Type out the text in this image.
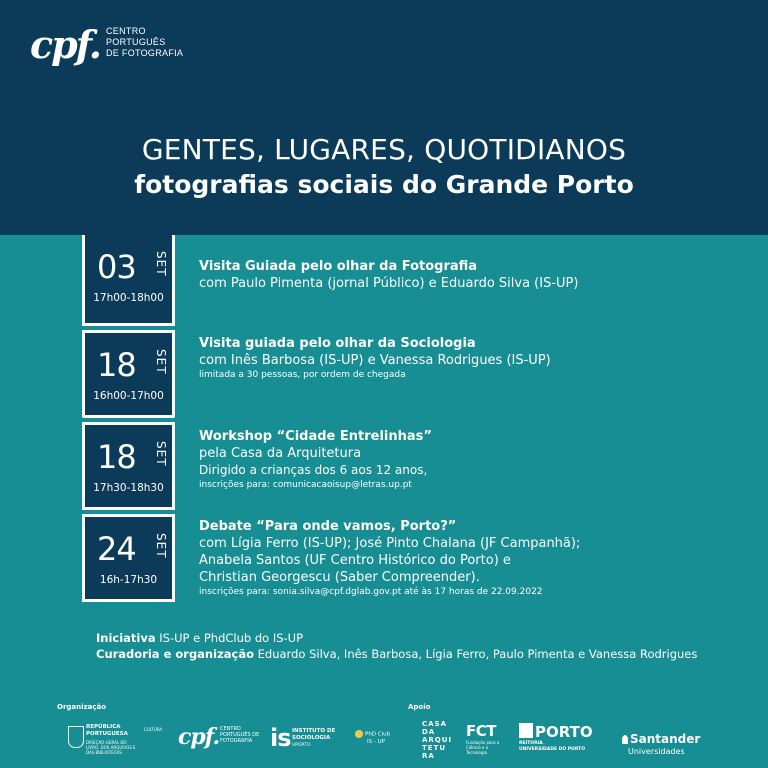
cpf. CENTRO
PORTUGUÊS
DE FOTOGRAFIA
GENTES, LUGARES, QUOTIDIANOS
fotografias sociais do Grande Porto
03 SET
17h00-18h00
18 SET
16h00-17h00
18 SET
17h30-18h30
24 SET
16h-17h30
Visita Guiada pelo olhar da Fotografia
com Paulo Pimenta (jornal Público) e Eduardo Silva (IS-UP)
Visita guiada pelo olhar da Sociologia
com Inês Barbosa (IS-UP) e Vanessa Rodrigues (IS-UP)
limitada a 30 pessoas, por ordem de chegada
Workshop “Cidade Entrelinhas”
pela Casa da Arquitetura
Dirigido a crianças dos 6 aos 12 anos,
inscrições para: comunicacaoisup@letras.up.pt
Debate “Para onde vamos, Porto?”
com Lígia Ferro (IS-UP); José Pinto Chalana (JF Campanhã);
Anabela Santos (UF Centro Histórico do Porto) e
Christian Georgescu (Saber Compreender).
inscrições para: sonia.silva@cpf.dglab.gov.pt até às 17 horas de 22.09.2022
Iniciativa IS-UP e PhdClub do IS-UP
Curadoria e organização Eduardo Silva, Inês Barbosa, Lígia Ferro, Paulo Pimenta e Vanessa Rodrigues
Organização	Apoio
REPÚBLICA PORTUGUESA
DIREÇÃO-GERAL DO LIVRO, DOS ARQUIVOS E DAS BIBLIOTECAS
CULTURA cpf. CENTRO PORTUGUÊS DE FOTOGRAFIA is INSTITUTO DE SOCIOLOGIA
UPORTO
PhD Club
IS - UP
CASA DA ARQUI TETU RA
FCT
Fundação para a Ciência e a Tecnologia
PORTO
REITORIA
UNIVERSIDADE DO PORTO
Santander
Universidades
